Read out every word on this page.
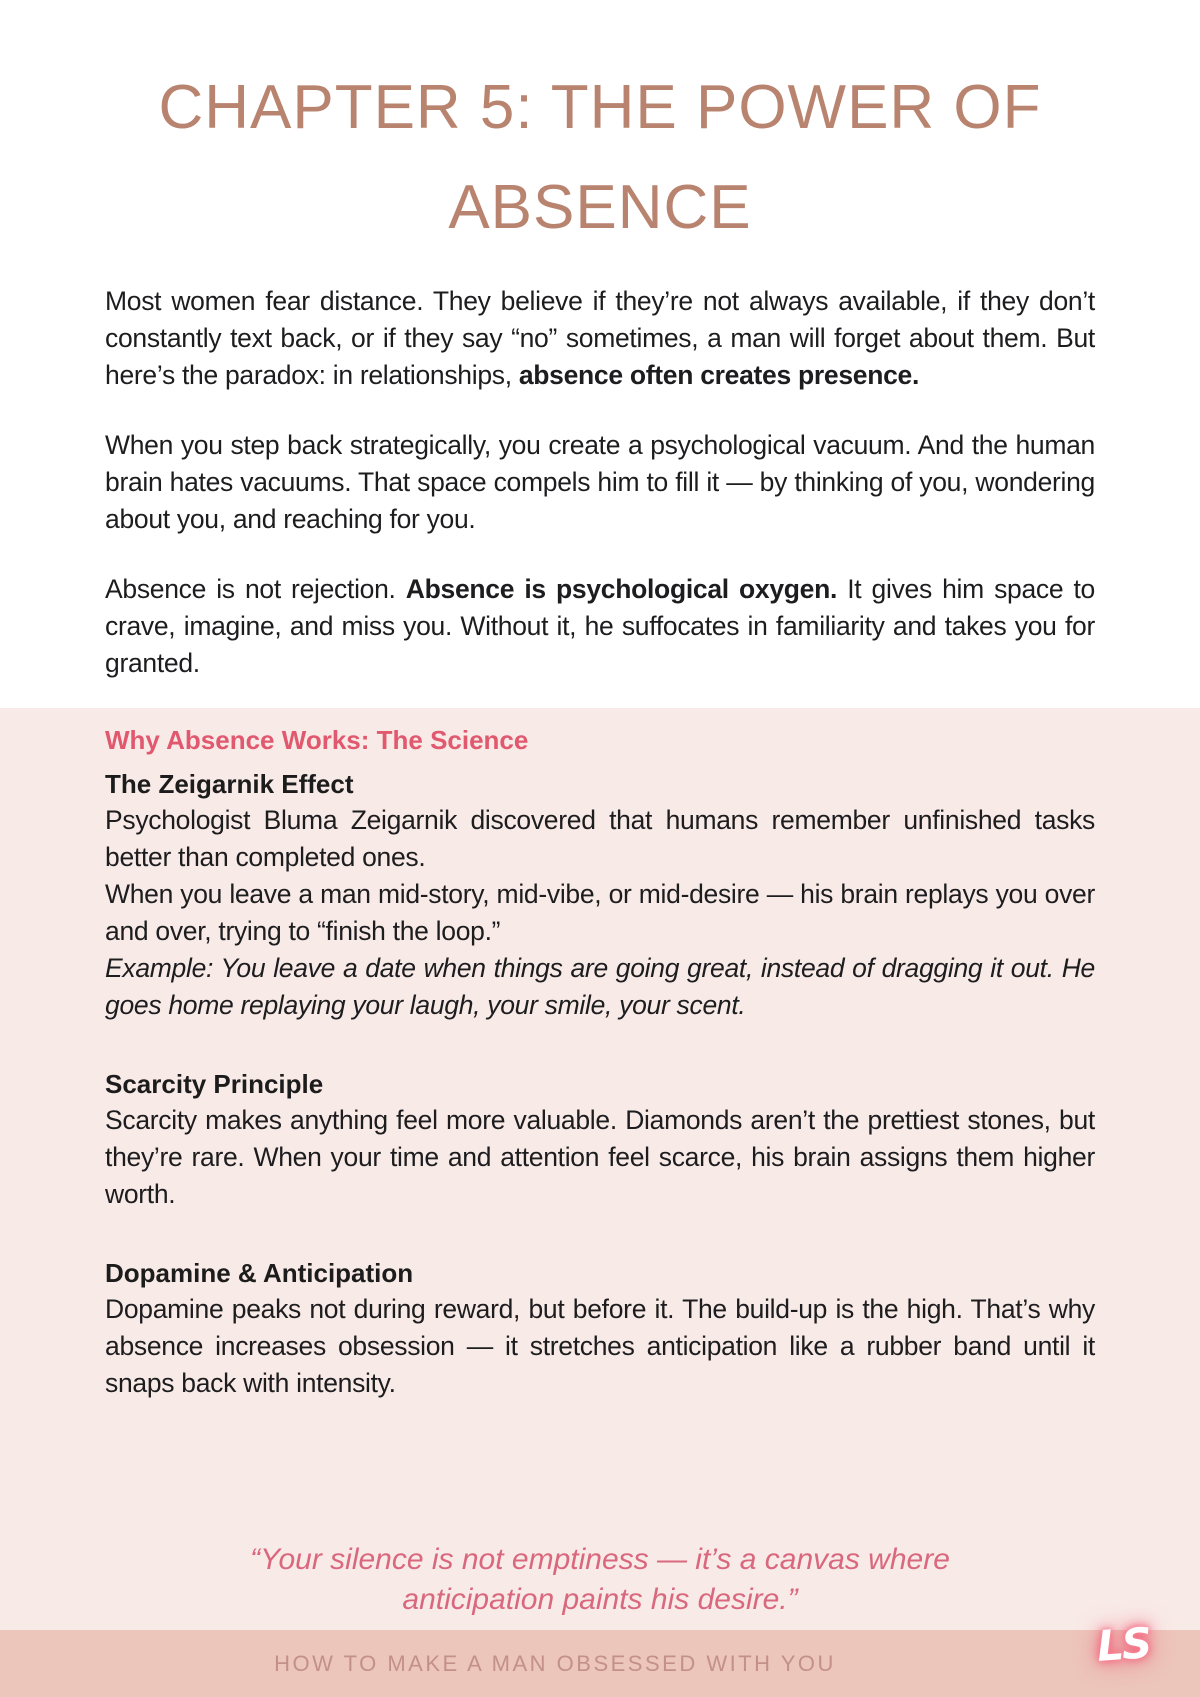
CHAPTER 5: THE POWER OF
ABSENCE

Most women fear distance. They believe if they’re not always available, if they don’t constantly text back, or if they say “no” sometimes, a man will forget about them. But here’s the paradox: in relationships, absence often creates presence.

When you step back strategically, you create a psychological vacuum. And the human brain hates vacuums. That space compels him to fill it — by thinking of you, wondering about you, and reaching for you.

Absence is not rejection. Absence is psychological oxygen. It gives him space to crave, imagine, and miss you. Without it, he suffocates in familiarity and takes you for granted.

Why Absence Works: The Science
The Zeigarnik Effect

Psychologist Bluma Zeigarnik discovered that humans remember unfinished tasks better than completed ones.

When you leave a man mid-story, mid-vibe, or mid-desire — his brain replays you over and over, trying to “finish the loop.”

Example: You leave a date when things are going great, instead of dragging it out. He goes home replaying your laugh, your smile, your scent.

Scarcity Principle

Scarcity makes anything feel more valuable. Diamonds aren’t the prettiest stones, but they’re rare. When your time and attention feel scarce, his brain assigns them higher worth.

Dopamine & Anticipation

Dopamine peaks not during reward, but before it. The build-up is the high. That’s why absence increases obsession — it stretches anticipation like a rubber band until it snaps back with intensity.

“Your silence is not emptiness — it’s a canvas where anticipation paints his desire.”
HOW TO MAKE A MAN OBSESSED WITH YOU	LS
